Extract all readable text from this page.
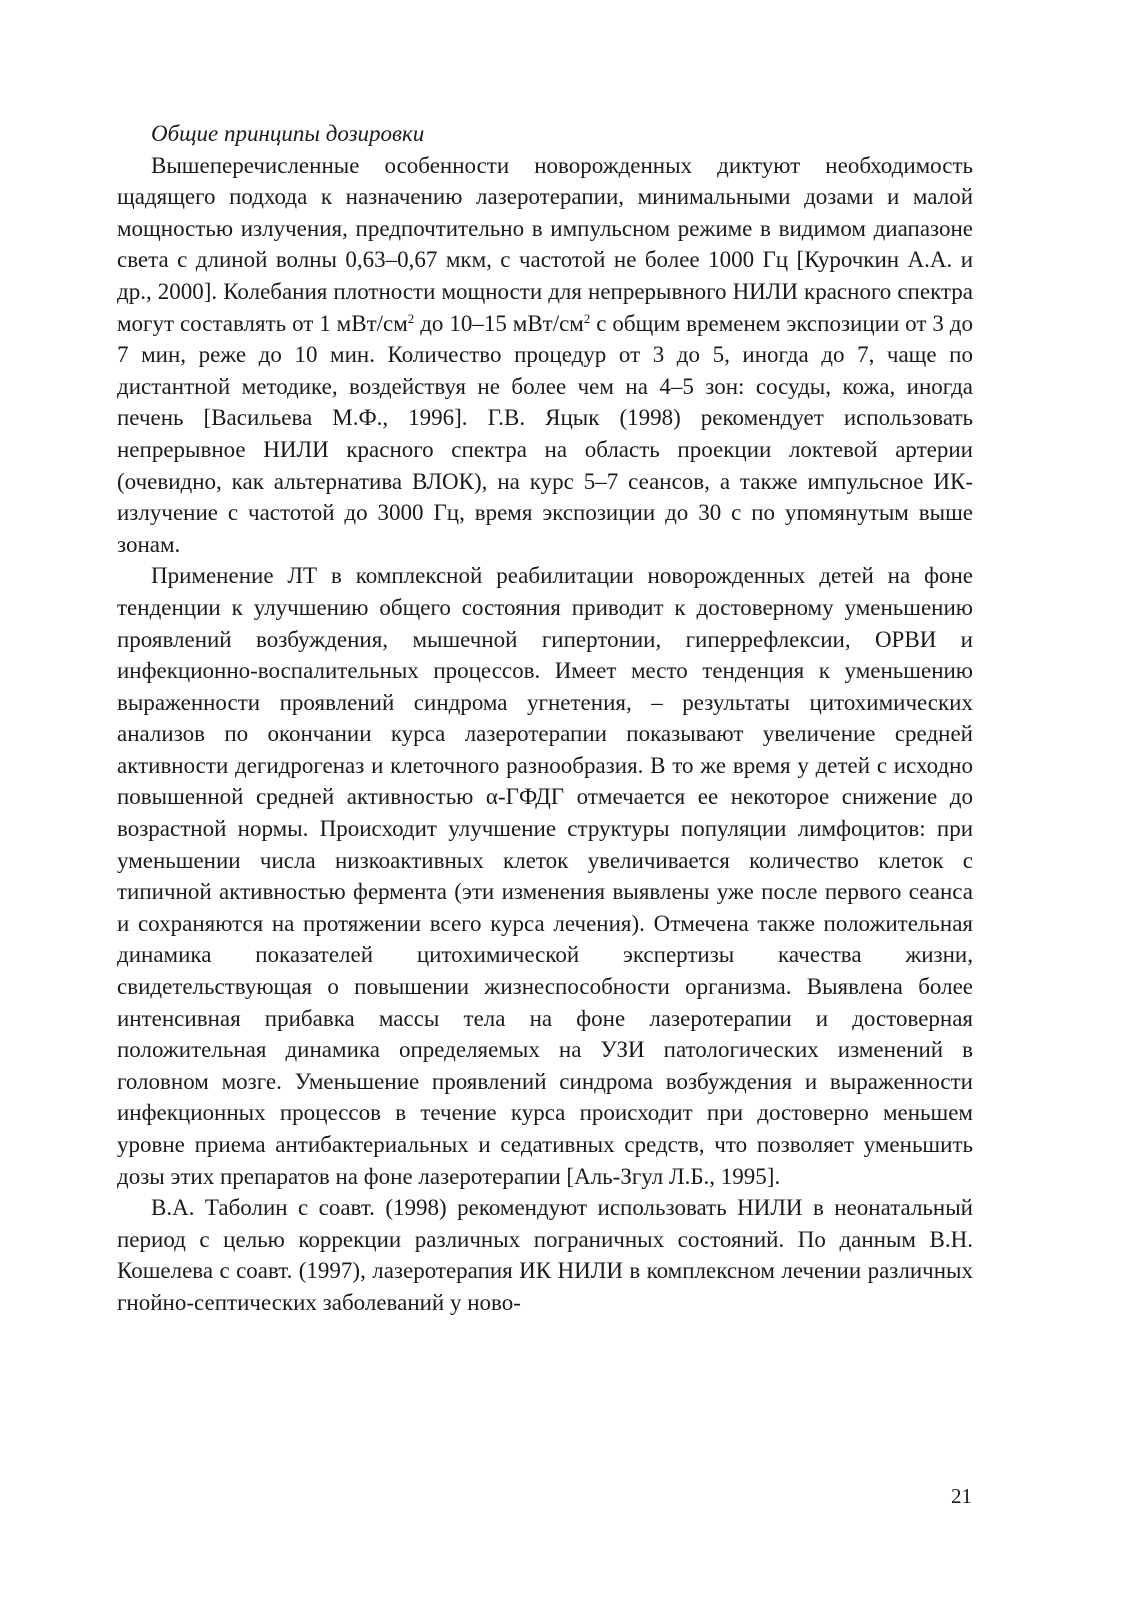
Общие принципы дозировки

Вышеперечисленные особенности новорожденных диктуют необходимость щадящего подхода к назначению лазеротерапии, минимальными дозами и малой мощностью излучения, предпочтительно в импульсном режиме в видимом диапазоне света с длиной волны 0,63–0,67 мкм, с частотой не более 1000 Гц [Курочкин А.А. и др., 2000]. Колебания плотности мощности для непрерывного НИЛИ красного спектра могут составлять от 1 мВт/$см^2$ до 10–15 мВт/$см^2$ с общим временем экспозиции от 3 до 7 мин, реже до 10 мин. Количество процедур от 3 до 5, иногда до 7, чаще по дистантной методике, воздействуя не более чем на 4–5 зон: сосуды, кожа, иногда печень [Васильева М.Ф., 1996]. Г.В. Яцык (1998) рекомендует использовать непрерывное НИЛИ красного спектра на область проекции локтевой артерии (очевидно, как альтернатива ВЛОК), на курс 5–7 сеансов, а также импульсное ИК-излучение с частотой до 3000 Гц, время экспозиции до 30 с по упомянутым выше зонам.

Применение ЛТ в комплексной реабилитации новорожденных детей на фоне тенденции к улучшению общего состояния приводит к достоверному уменьшению проявлений возбуждения, мышечной гипертонии, гиперрефлексии, ОРВИ и инфекционно-воспалительных процессов. Имеет место тенденция к уменьшению выраженности проявлений синдрома угнетения, – результаты цитохимических анализов по окончании курса лазеротерапии показывают увеличение средней активности дегидрогеназ и клеточного разнообразия. В то же время у детей с исходно повышенной средней активностью α-ГФДГ отмечается ее некоторое снижение до возрастной нормы. Происходит улучшение структуры популяции лимфоцитов: при уменьшении числа низкоактивных клеток увеличивается количество клеток с типичной активностью фермента (эти изменения выявлены уже после первого сеанса и сохраняются на протяжении всего курса лечения). Отмечена также положительная динамика показателей цитохимической экспертизы качества жизни, свидетельствующая о повышении жизнеспособности организма. Выявлена более интенсивная прибавка массы тела на фоне лазеротерапии и достоверная положительная динамика определяемых на УЗИ патологических изменений в головном мозге. Уменьшение проявлений синдрома возбуждения и выраженности инфекционных процессов в течение курса происходит при достоверно меньшем уровне приема антибактериальных и седативных средств, что позволяет уменьшить дозы этих препаратов на фоне лазеротерапии [Аль-Згул Л.Б., 1995].

В.А. Таболин с соавт. (1998) рекомендуют использовать НИЛИ в неонатальный период с целью коррекции различных пограничных состояний. По данным В.Н. Кошелева с соавт. (1997), лазеротерапия ИК НИЛИ в комплексном лечении различных гнойно-септических заболеваний у ново-

21
